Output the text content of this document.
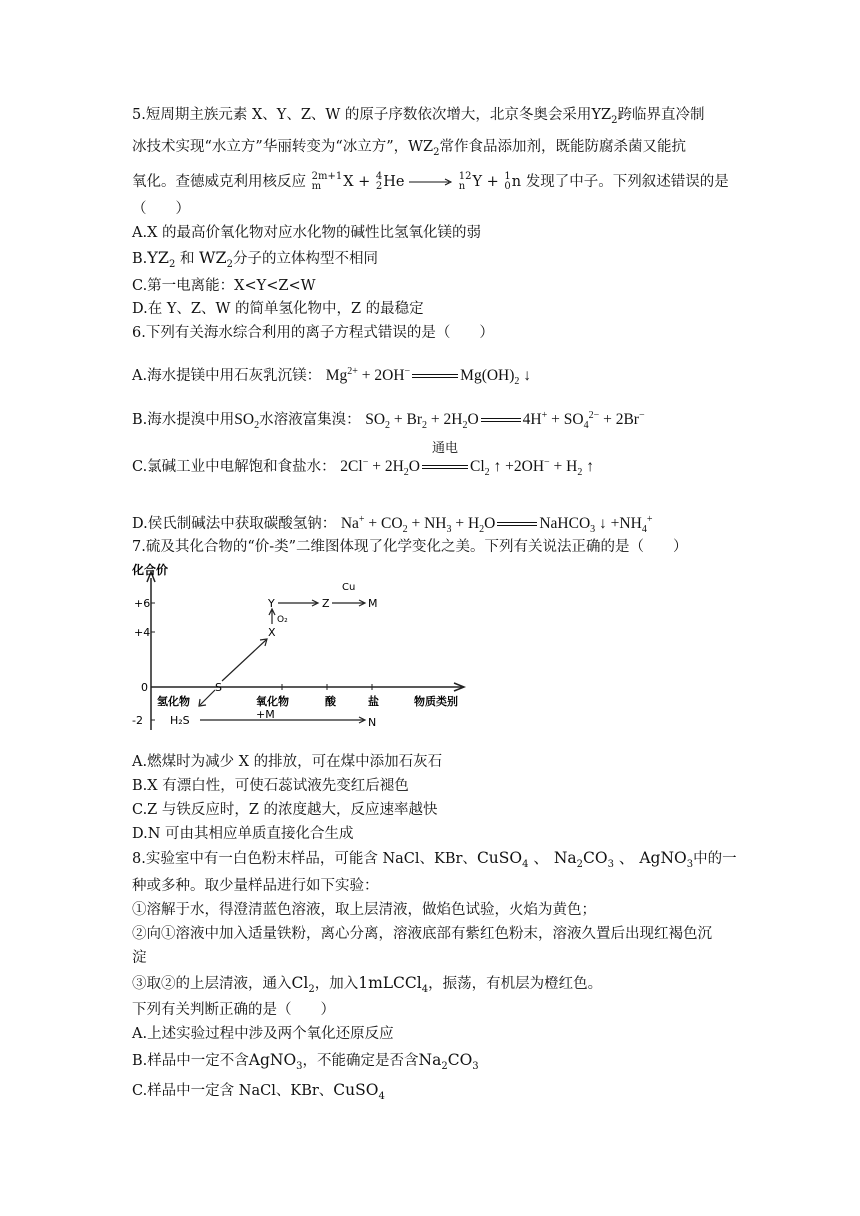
5.短周期主族元素 X、Y、Z、W 的原子序数依次增大，北京冬奥会采用$YZ_2$跨临界直冷制
冰技术实现“水立方”华丽转变为“冰立方”，$WZ_2$常作食品添加剂，既能防腐杀菌又能抗
氧化。查德威克利用核反应 2m+1
m X + 4
2He → 12
n Y + 1
0n 发现了中子。下列叙述错误的是
（　　）
A.X 的最高价氧化物对应水化物的碱性比氢氧化镁的弱
$B.YZ_2$ 和 $WZ_2$分子的立体构型不相同
C.第一电离能：X<Y<Z<W
D.在 Y、Z、W 的简单氢化物中，Z 的最稳定
6.下列有关海水综合利用的离子方程式错误的是（　　）
A.海水提镁中用石灰乳沉镁： $Mg^{2+} + 2OH^-$	$Mg(OH)_2$ ↓
B.海水提溴中用$SO_2$水溶液富集溴： $SO_2 + Br_2 + 2H_2O$	$4H^+ + SO_4^{2-} + 2Br^-$
C.氯碱工业中电解饱和食盐水： $2Cl^- + 2H_2O$
通电
$Cl_2$ ↑ $+2OH^- + H_2$ ↑
D.侯氏制碱法中获取碳酸氢钠： $Na^+ + CO_2 + NH_3 + H_2O$	NaHCO$_3$ ↓ $+NH_4^+$
7.硫及其化合物的“价-类”二维图体现了化学变化之美。下列有关说法正确的是（　　）
化合价
物质类别
+6
+4
0
-2
氢化物	氧化物	酸	盐
S
H₂S
X
Y	Z	M
N
O₂
Cu
+M
A.燃煤时为减少 X 的排放，可在煤中添加石灰石
B.X 有漂白性，可使石蕊试液先变红后褪色
C.Z 与铁反应时，Z 的浓度越大，反应速率越快
D.N 可由其相应单质直接化合生成
8.实验室中有一白色粉末样品，可能含 NaCl、KBr、CuSO$_4$ 、 $Na_2CO_3$ 、 AgNO$_3$中的一
种或多种。取少量样品进行如下实验：
①溶解于水，得澄清蓝色溶液，取上层清液，做焰色试验，火焰为黄色；
②向①溶液中加入适量铁粉，离心分离，溶液底部有紫红色粉末，溶液久置后出现红褐色沉
淀
③取②的上层清液，通入$Cl_2$，加入1mLCCl$_4$，振荡，有机层为橙红色。
下列有关判断正确的是（　　）
A.上述实验过程中涉及两个氧化还原反应
B.样品中一定不含AgNO$_3$，不能确定是否含$Na_2CO_3$
C.样品中一定含 NaCl、KBr、CuSO$_4$
